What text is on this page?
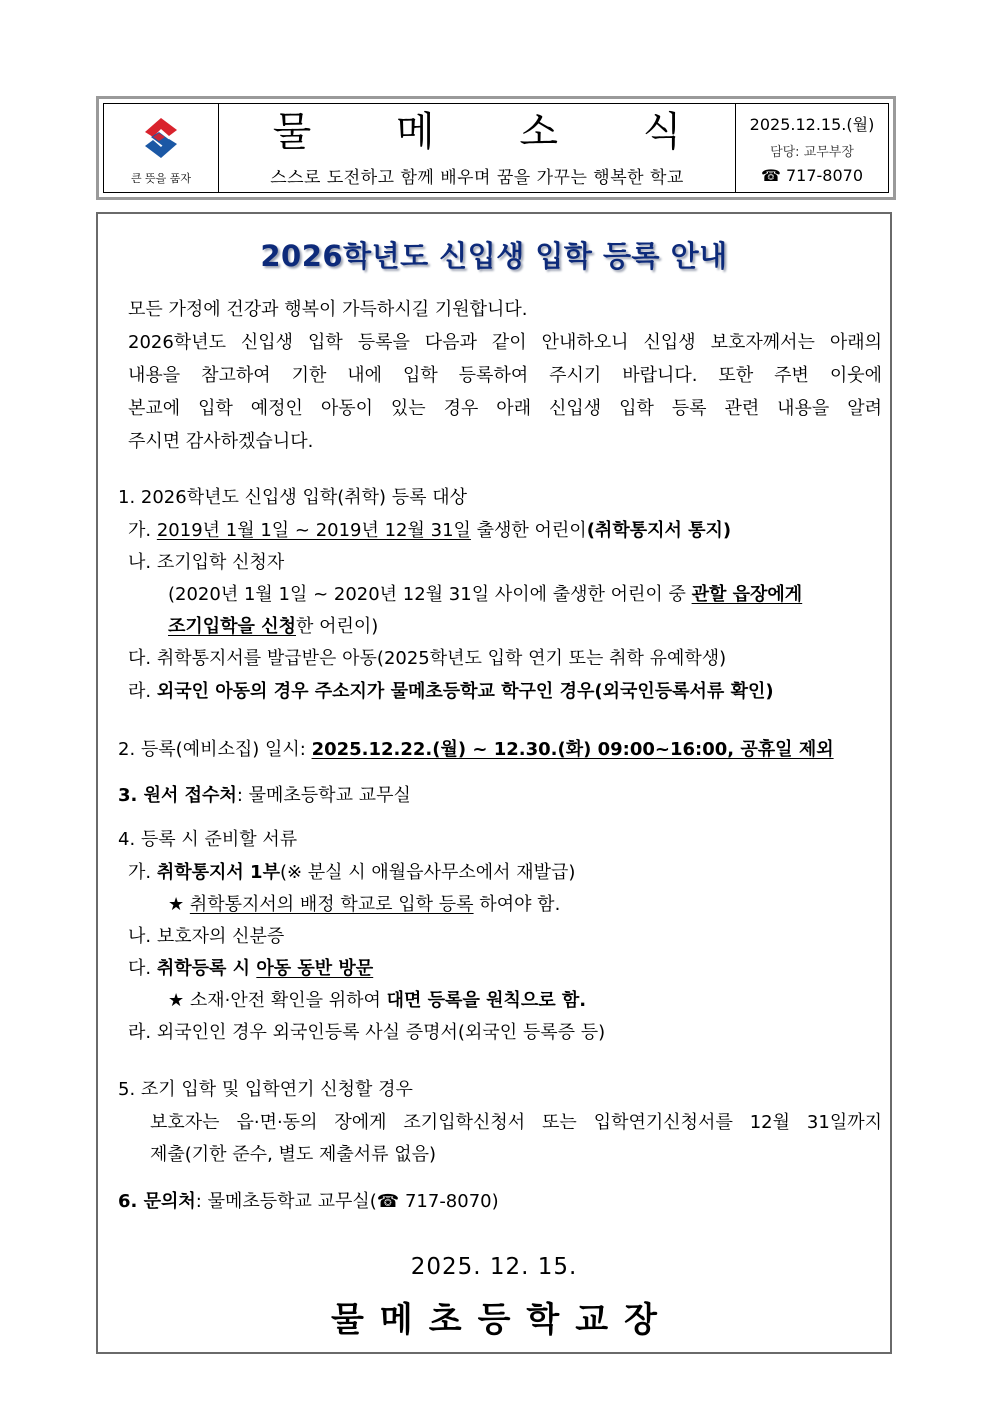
큰 뜻을 품자
물 메 소 식
스스로 도전하고 함께 배우며 꿈을 가꾸는 행복한 학교
2025.12.15.(월)
담당: 교무부장
☎ 717-8070
2026학년도 신입생 입학 등록 안내
모든 가정에 건강과 행복이 가득하시길 기원합니다.
2026학년도 신입생 입학 등록을 다음과 같이 안내하오니 신입생 보호자께서는 아래의
내용을 참고하여 기한 내에 입학 등록하여 주시기 바랍니다. 또한 주변 이웃에
본교에 입학 예정인 아동이 있는 경우 아래 신입생 입학 등록 관련 내용을 알려
주시면 감사하겠습니다.
1. 2026학년도 신입생 입학(취학) 등록 대상
가. 2019년 1월 1일 ~ 2019년 12월 31일 출생한 어린이(취학통지서 통지)
나. 조기입학 신청자
(2020년 1월 1일 ~ 2020년 12월 31일 사이에 출생한 어린이 중 관할 읍장에게
조기입학을 신청한 어린이)
다. 취학통지서를 발급받은 아동(2025학년도 입학 연기 또는 취학 유예학생)
라. 외국인 아동의 경우 주소지가 물메초등학교 학구인 경우(외국인등록서류 확인)
2. 등록(예비소집) 일시: 2025.12.22.(월) ~ 12.30.(화) 09:00~16:00, 공휴일 제외
3. 원서 접수처: 물메초등학교 교무실
4. 등록 시 준비할 서류
가. 취학통지서 1부(※ 분실 시 애월읍사무소에서 재발급)
★ 취학통지서의 배정 학교로 입학 등록 하여야 함.
나. 보호자의 신분증
다. 취학등록 시 아동 동반 방문
★ 소재·안전 확인을 위하여 대면 등록을 원칙으로 함.
라. 외국인인 경우 외국인등록 사실 증명서(외국인 등록증 등)
5. 조기 입학 및 입학연기 신청할 경우
보호자는 읍·면·동의 장에게 조기입학신청서 또는 입학연기신청서를 12월 31일까지
제출(기한 준수, 별도 제출서류 없음)
6. 문의처: 물메초등학교 교무실(☎ 717-8070)
2025. 12. 15.
물메초등학교장
